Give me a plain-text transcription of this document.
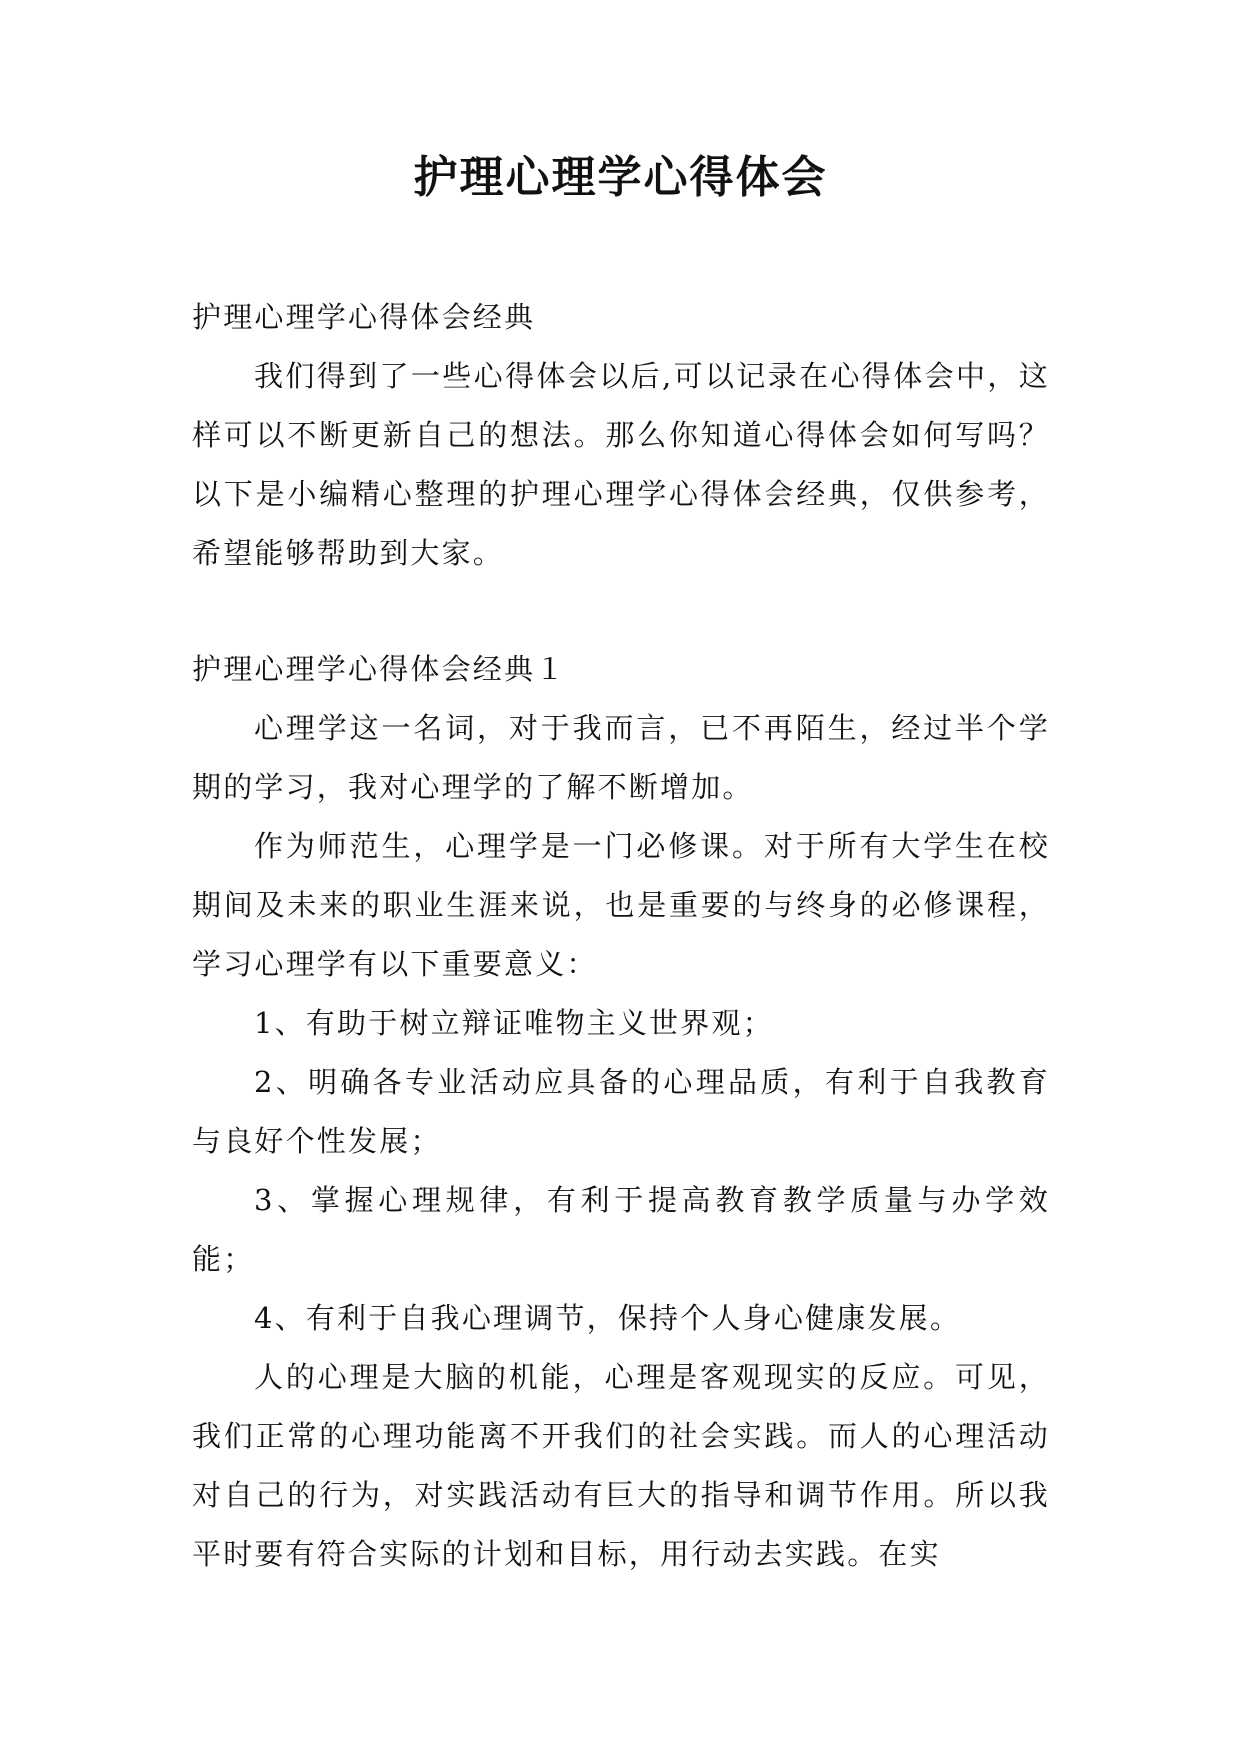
护理心理学心得体会

护理心理学心得体会经典

我们得到了一些心得体会以后,可以记录在心得体会中，这样可以不断更新自己的想法。那么你知道心得体会如何写吗？以下是小编精心整理的护理心理学心得体会经典，仅供参考，希望能够帮助到大家。

护理心理学心得体会经典１

心理学这一名词，对于我而言，已不再陌生，经过半个学期的学习，我对心理学的了解不断增加。

作为师范生，心理学是一门必修课。对于所有大学生在校期间及未来的职业生涯来说，也是重要的与终身的必修课程，学习心理学有以下重要意义：

1、有助于树立辩证唯物主义世界观；

2、明确各专业活动应具备的心理品质，有利于自我教育与良好个性发展；

3、掌握心理规律，有利于提高教育教学质量与办学效能；

4、有利于自我心理调节，保持个人身心健康发展。

人的心理是大脑的机能，心理是客观现实的反应。可见，我们正常的心理功能离不开我们的社会实践。而人的心理活动对自己的行为，对实践活动有巨大的指导和调节作用。所以我平时要有符合实际的计划和目标，用行动去实践。在实
